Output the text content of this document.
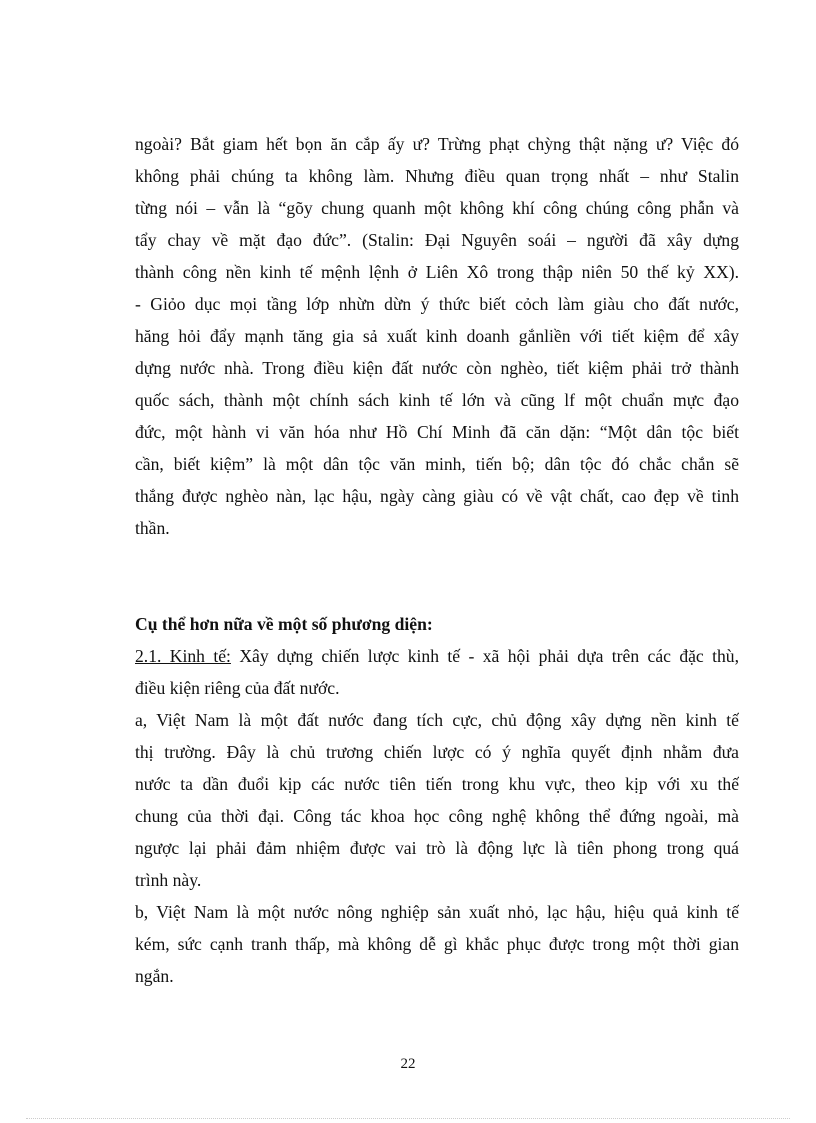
ngoài? Bắt giam hết bọn ăn cắp ấy ư? Trừng phạt chỳng thật nặng ư? Việc đó
không phải chúng ta không làm. Nhưng điều quan trọng nhất – như Stalin
từng nói – vẫn là “gõy chung quanh một không khí công chúng công phẫn và
tẩy chay về mặt đạo đức”. (Stalin: Đại Nguyên soái – người đã xây dựng
thành công nền kinh tế mệnh lệnh ở Liên Xô trong thập niên 50 thế kỷ XX).
- Giỏo dục mọi tầng lớp nhừn dừn ý thức biết cỏch làm giàu cho đất nước,
hăng hỏi đẩy mạnh tăng gia sả xuất kinh doanh gắnliền với tiết kiệm để xây
dựng nước nhà. Trong điều kiện đất nước còn nghèo, tiết kiệm phải trở thành
quốc sách, thành một chính sách kinh tế lớn và cũng lf một chuẩn mực đạo
đức, một hành vi văn hóa như Hồ Chí Minh đã căn dặn: “Một dân tộc biết
cần, biết kiệm” là một dân tộc văn minh, tiến bộ; dân tộc đó chắc chắn sẽ
thắng được nghèo nàn, lạc hậu, ngày càng giàu có về vật chất, cao đẹp về tinh
thần.

Cụ thể hơn nữa về một số phương diện:

2.1. Kinh tế: Xây dựng chiến lược kinh tế - xã hội phải dựa trên các đặc thù,
điều kiện riêng của đất nước.
a, Việt Nam là một đất nước đang tích cực, chủ động xây dựng nền kinh tế
thị trường. Đây là chủ trương chiến lược có ý nghĩa quyết định nhằm đưa
nước ta dần đuổi kịp các nước tiên tiến trong khu vực, theo kịp với xu thế
chung của thời đại. Công tác khoa học công nghệ không thể đứng ngoài, mà
ngược lại phải đảm nhiệm được vai trò là động lực là tiên phong trong quá
trình này.
b, Việt Nam là một nước nông nghiệp sản xuất nhỏ, lạc hậu, hiệu quả kinh tế
kém, sức cạnh tranh thấp, mà không dễ gì khắc phục được trong một thời gian
ngắn.
22
